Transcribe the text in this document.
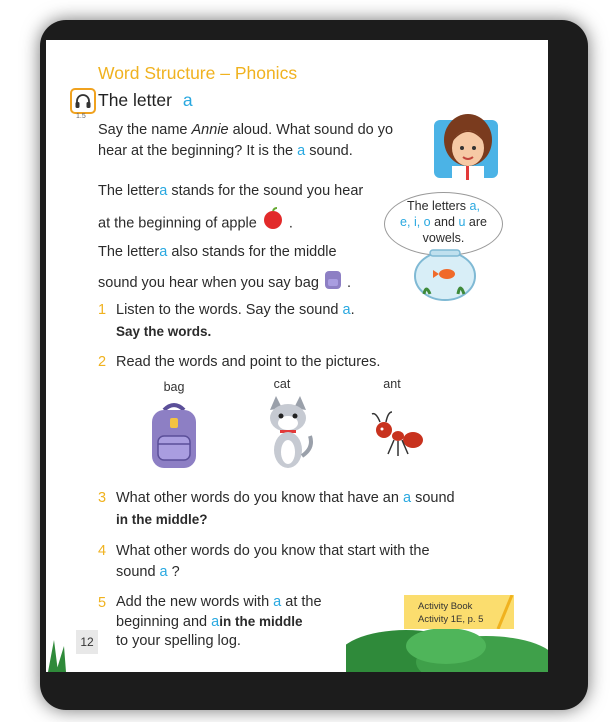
Word Structure – Phonics
1.5
The letter a
Say the name Annie aloud. What sound do yo
hear at the beginning? It is the a sound.
The lettera stands for the sound you hear
at the beginning of apple .
The lettera also stands for the middle
sound you hear when you say bag .
The letters a,
e, i, o and u are
vowels.
1 Listen to the words. Say the sound a.
Say the words.
2 Read the words and point to the pictures.
bag	cat	ant
3 What other words do you know that have an a sound
in the middle?
4 What other words do you know that start with the
sound a ?
5 Add the new words with a at the
beginning and ain the middle
to your spelling log.
Activity Book
Activity 1E, p. 5
12
